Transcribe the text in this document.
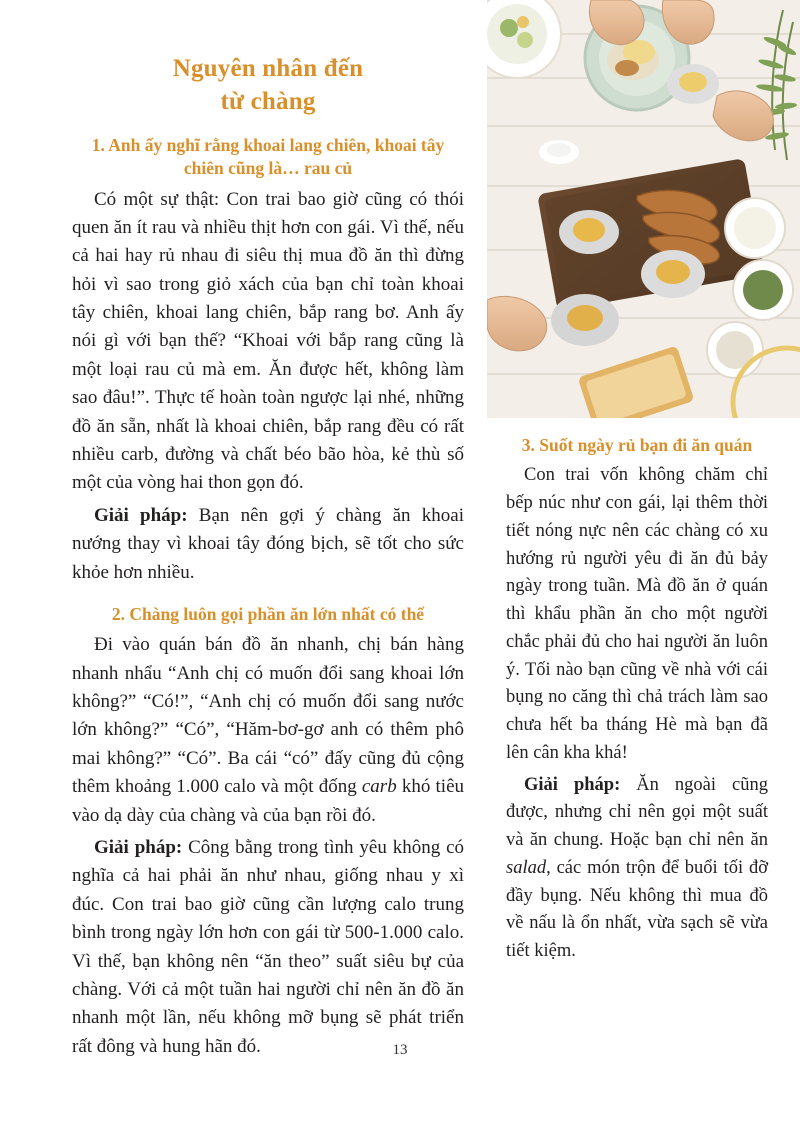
Nguyên nhân đến
từ chàng
1. Anh ấy nghĩ rằng khoai lang chiên, khoai tây chiên cũng là… rau củ

Có một sự thật: Con trai bao giờ cũng có thói quen ăn ít rau và nhiều thịt hơn con gái. Vì thế, nếu cả hai hay rủ nhau đi siêu thị mua đồ ăn thì đừng hỏi vì sao trong giỏ xách của bạn chỉ toàn khoai tây chiên, khoai lang chiên, bắp rang bơ. Anh ấy nói gì với bạn thế? “Khoai với bắp rang cũng là một loại rau củ mà em. Ăn được hết, không làm sao đâu!”. Thực tế hoàn toàn ngược lại nhé, những đồ ăn sẵn, nhất là khoai chiên, bắp rang đều có rất nhiều carb, đường và chất béo bão hòa, kẻ thù số một của vòng hai thon gọn đó.

Giải pháp: Bạn nên gợi ý chàng ăn khoai nướng thay vì khoai tây đóng bịch, sẽ tốt cho sức khỏe hơn nhiều.

2. Chàng luôn gọi phần ăn lớn nhất có thể

Đi vào quán bán đồ ăn nhanh, chị bán hàng nhanh nhẩu “Anh chị có muốn đổi sang khoai lớn không?” “Có!”, “Anh chị có muốn đổi sang nước lớn không?” “Có”, “Hăm-bơ-gơ anh có thêm phô mai không?” “Có”. Ba cái “có” đấy cũng đủ cộng thêm khoảng 1.000 calo và một đống carb khó tiêu vào dạ dày của chàng và của bạn rồi đó.

Giải pháp: Công bằng trong tình yêu không có nghĩa cả hai phải ăn như nhau, giống nhau y xì đúc. Con trai bao giờ cũng cần lượng calo trung bình trong ngày lớn hơn con gái từ 500-1.000 calo. Vì thế, bạn không nên “ăn theo” suất siêu bự của chàng. Với cả một tuần hai người chỉ nên ăn đồ ăn nhanh một lần, nếu không mỡ bụng sẽ phát triển rất đông và hung hãn đó.

3. Suốt ngày rủ bạn đi ăn quán

Con trai vốn không chăm chỉ bếp núc như con gái, lại thêm thời tiết nóng nực nên các chàng có xu hướng rủ người yêu đi ăn đủ bảy ngày trong tuần. Mà đồ ăn ở quán thì khẩu phần ăn cho một người chắc phải đủ cho hai người ăn luôn ý. Tối nào bạn cũng về nhà với cái bụng no căng thì chả trách làm sao chưa hết ba tháng Hè mà bạn đã lên cân kha khá!

Giải pháp: Ăn ngoài cũng được, nhưng chỉ nên gọi một suất và ăn chung. Hoặc bạn chỉ nên ăn salad, các món trộn để buổi tối đỡ đầy bụng. Nếu không thì mua đồ về nấu là ổn nhất, vừa sạch sẽ vừa tiết kiệm.

13
